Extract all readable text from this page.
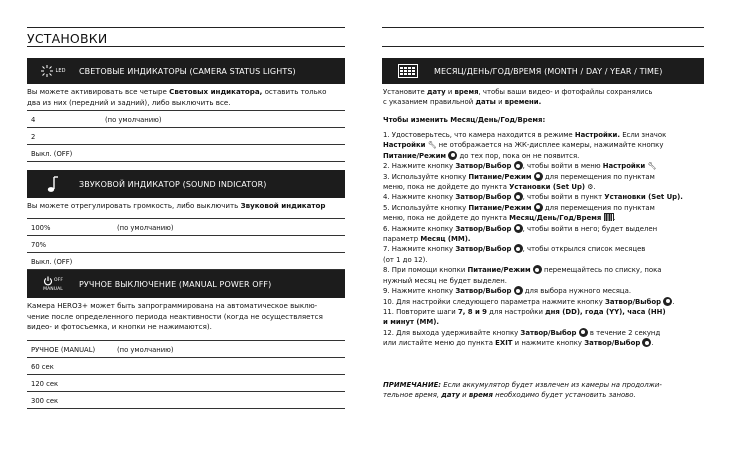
УСТАНОВКИ
LED СВЕТОВЫЕ ИНДИКАТОРЫ (CAMERA STATUS LIGHTS)
Вы можете активировать все четыре Световых индикатора, оставить только
два из них (передний и задний), либо выключить все.
4	(по умолчанию)
2
Выкл. (OFF)
ЗВУКОВОЙ ИНДИКАТОР (SOUND INDICATOR)
Вы можете отрегулировать громкость, либо выключить Звуковой индикатор
100%	(по умолчанию)
70%
Выкл. (OFF)
OFF
MANUAL
РУЧНОЕ ВЫКЛЮЧЕНИЕ (MANUAL POWER OFF)
Камера HERO3+ может быть запрограммирована на автоматическое выклю-
чение после определенного периода неактивности (когда не осуществляется
видео- и фотосъемка, и кнопки не нажимаются).
РУЧНОЕ (MANUAL)	(по умолчанию)
60 сек
120 сек
300 сек
МЕСЯЦ/ДЕНЬ/ГОД/ВРЕМЯ (MONTH / DAY / YEAR / TIME)
Установите дату и время, чтобы ваши видео- и фотофайлы сохранялись
с указанием правильной даты и времени.
Чтобы изменить Месяц/День/Год/Время:
1. Удостоверьтесь, что камера находится в режиме Настройки. Если значок
Настройки 🔧︎ не отображается на ЖК-дисплее камеры, нажимайте кнопку
Питание/Режим  до тех пор, пока он не появится.
2. Нажмите кнопку Затвор/Выбор , чтобы войти в меню Настройки 🔧︎
3. Используйте кнопку Питание/Режим  для перемещения по пунктам
меню, пока не дойдете до пункта Установки (Set Up) ⚙.
4. Нажмите кнопку Затвор/Выбор , чтобы войти в пункт Установки (Set Up).
5. Используйте кнопку Питание/Режим  для перемещения по пунктам
меню, пока не дойдете до пункта Месяц/День/Год/Время .
6. Нажмите кнопку Затвор/Выбор , чтобы войти в него; будет выделен
параметр Месяц (MM).
7. Нажмите кнопку Затвор/Выбор , чтобы открылся список месяцев
(от 1 до 12).
8. При помощи кнопки Питание/Режим  перемещайтесь по списку, пока
нужный месяц не будет выделен.
9. Нажмите кнопку Затвор/Выбор  для выбора нужного месяца.
10. Для настройки следующего параметра нажмите кнопку Затвор/Выбор .
11. Повторите шаги 7, 8 и 9 для настройки дня (DD), года (YY), часа (HH)
и минут (MM).
12. Для выхода удерживайте кнопку Затвор/Выбор  в течение 2 секунд
или листайте меню до пункта EXIT и нажмите кнопку Затвор/Выбор .
ПРИМЕЧАНИЕ: Если аккумулятор будет извлечен из камеры на продолжи-
тельное время, дату и время необходимо будет установить заново.
